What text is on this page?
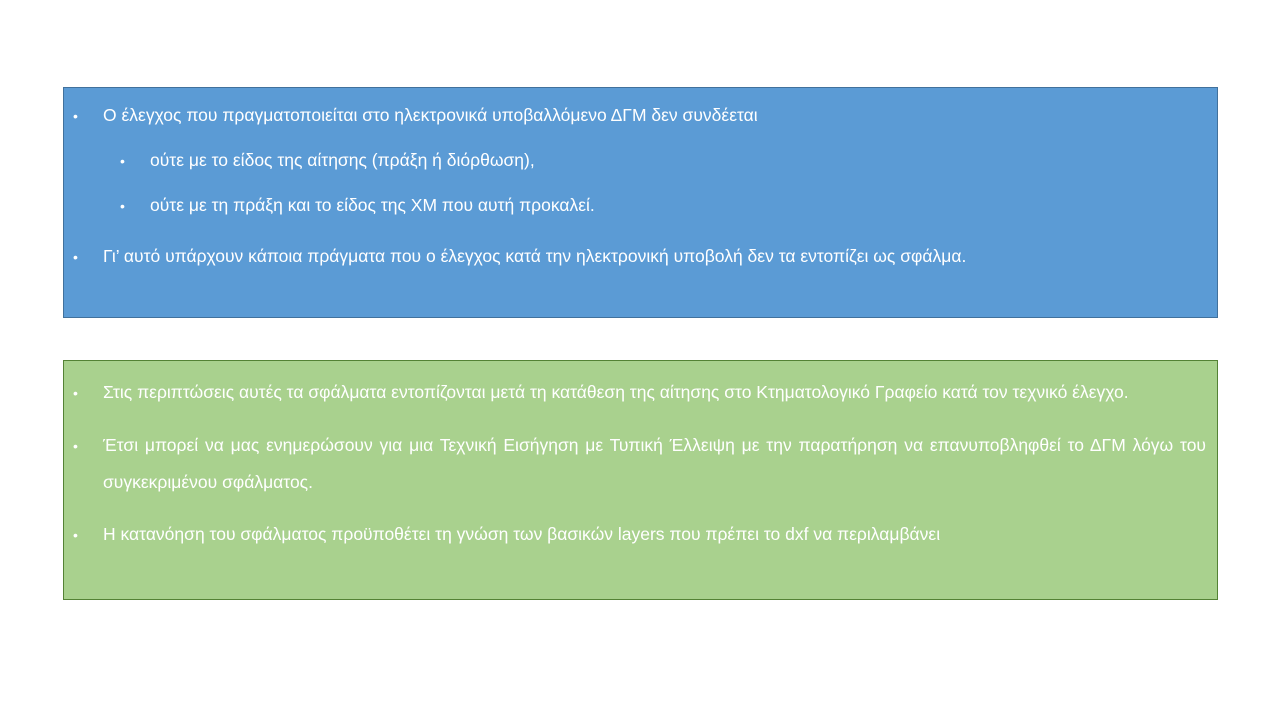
• Ο έλεγχος που πραγματοποιείται στο ηλεκτρονικά υποβαλλόμενο ΔΓΜ δεν συνδέεται
• ούτε με το είδος της αίτησης (πράξη ή διόρθωση),
• ούτε με τη πράξη και το είδος της ΧΜ που αυτή προκαλεί.
• Γι’ αυτό υπάρχουν κάποια πράγματα που ο έλεγχος κατά την ηλεκτρονική υποβολή δεν τα εντοπίζει ως σφάλμα.
• Στις περιπτώσεις αυτές τα σφάλματα εντοπίζονται μετά τη κατάθεση της αίτησης στο Κτηματολογικό Γραφείο κατά τον τεχνικό έλεγχο.
• Έτσι μπορεί να μας ενημερώσουν για μια Τεχνική Εισήγηση με Τυπική Έλλειψη με την παρατήρηση να επανυποβληφθεί το ΔΓΜ λόγω του συγκεκριμένου σφάλματος.
• Η κατανόηση του σφάλματος προϋποθέτει τη γνώση των βασικών layers που πρέπει το dxf να περιλαμβάνει
